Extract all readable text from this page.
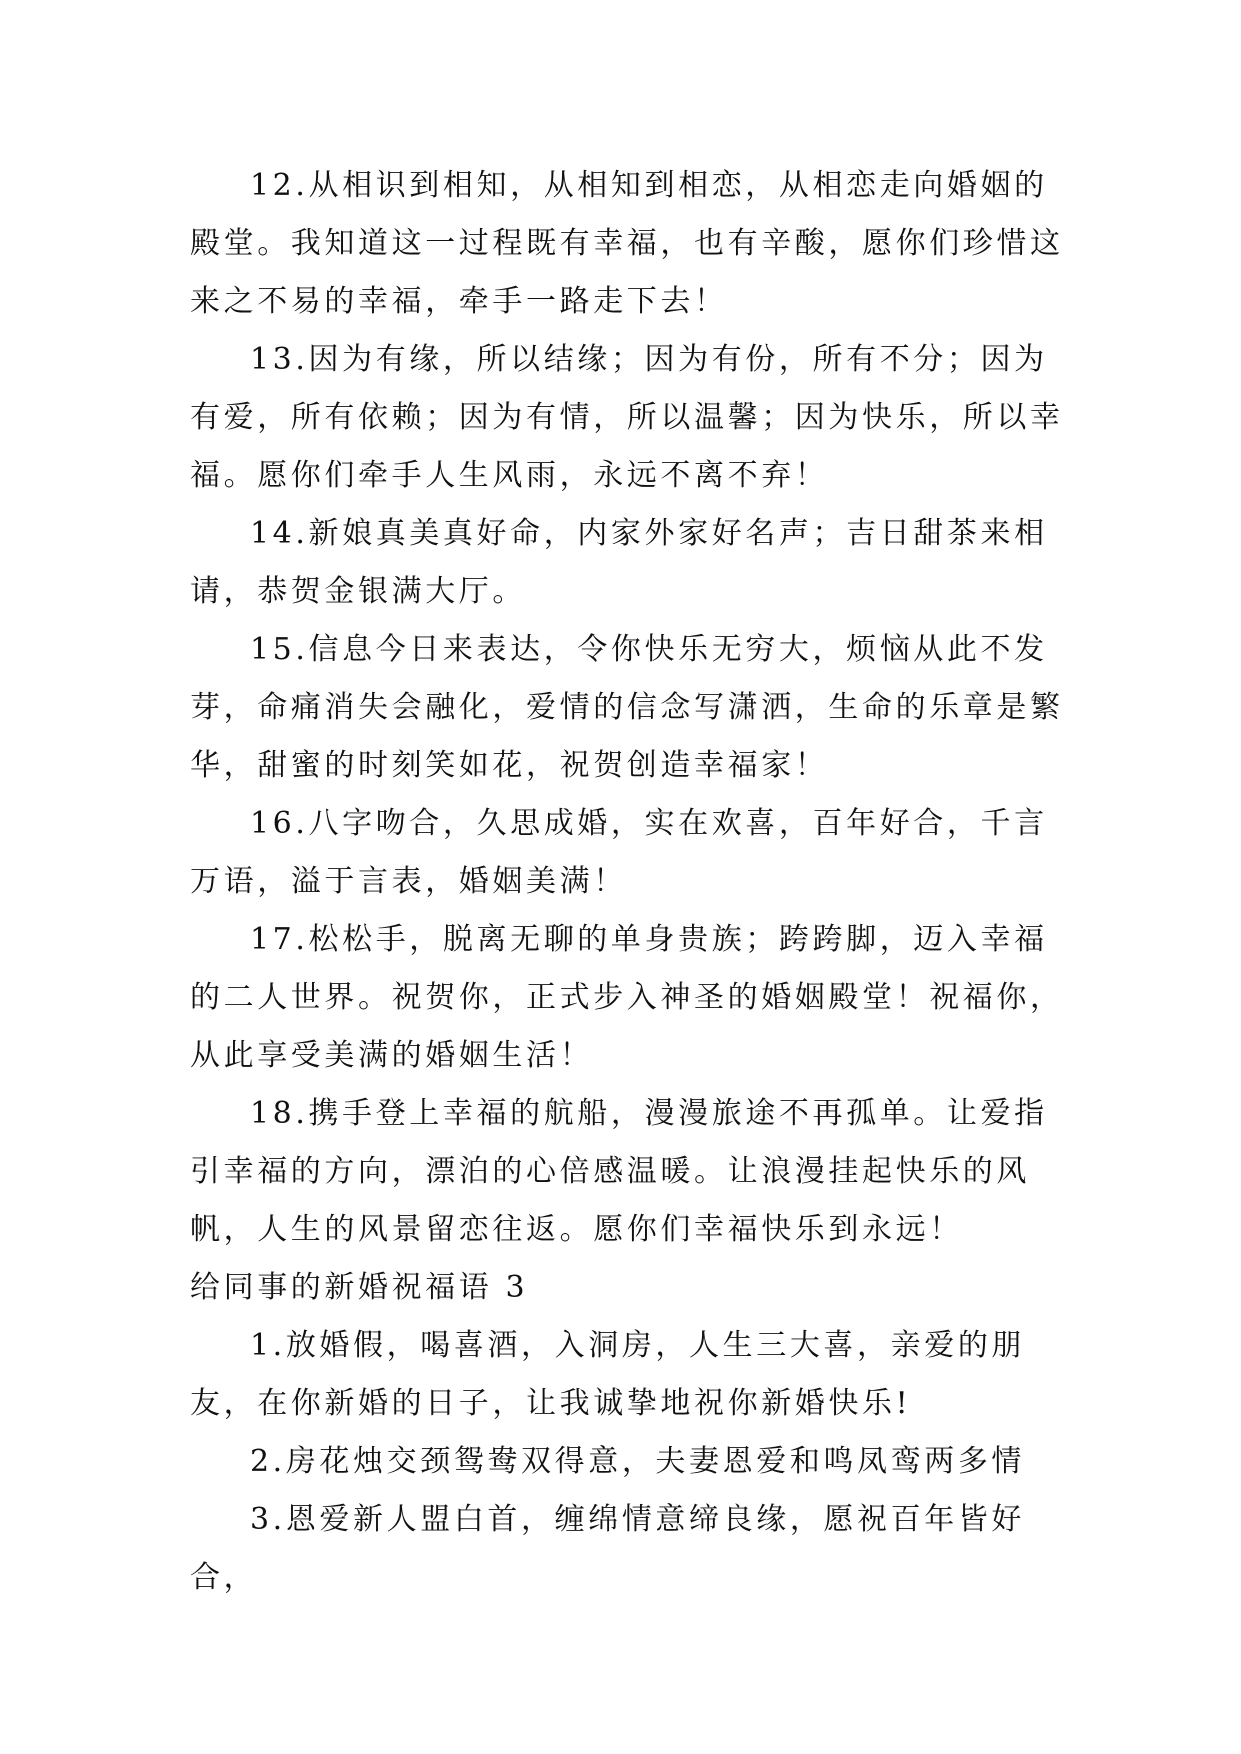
12.从相识到相知，从相知到相恋，从相恋走向婚姻的殿堂。我知道这一过程既有幸福，也有辛酸，愿你们珍惜这来之不易的幸福，牵手一路走下去！

13.因为有缘，所以结缘；因为有份，所有不分；因为有爱，所有依赖；因为有情，所以温馨；因为快乐，所以幸福。愿你们牵手人生风雨，永远不离不弃！

14.新娘真美真好命，内家外家好名声；吉日甜茶来相请，恭贺金银满大厅。

15.信息今日来表达，令你快乐无穷大，烦恼从此不发芽，命痛消失会融化，爱情的信念写潇洒，生命的乐章是繁华，甜蜜的时刻笑如花，祝贺创造幸福家！

16.八字吻合，久思成婚，实在欢喜，百年好合，千言万语，溢于言表，婚姻美满！

17.松松手，脱离无聊的单身贵族；跨跨脚，迈入幸福的二人世界。祝贺你，正式步入神圣的婚姻殿堂！祝福你，从此享受美满的婚姻生活！

18.携手登上幸福的航船，漫漫旅途不再孤单。让爱指引幸福的方向，漂泊的心倍感温暖。让浪漫挂起快乐的风帆，人生的风景留恋往返。愿你们幸福快乐到永远！

给同事的新婚祝福语 3

1.放婚假，喝喜酒，入洞房，人生三大喜，亲爱的朋友，在你新婚的日子，让我诚挚地祝你新婚快乐!

2.房花烛交颈鸳鸯双得意，夫妻恩爱和鸣凤鸾两多情

3.恩爱新人盟白首，缠绵情意缔良缘，愿祝百年皆好合，
